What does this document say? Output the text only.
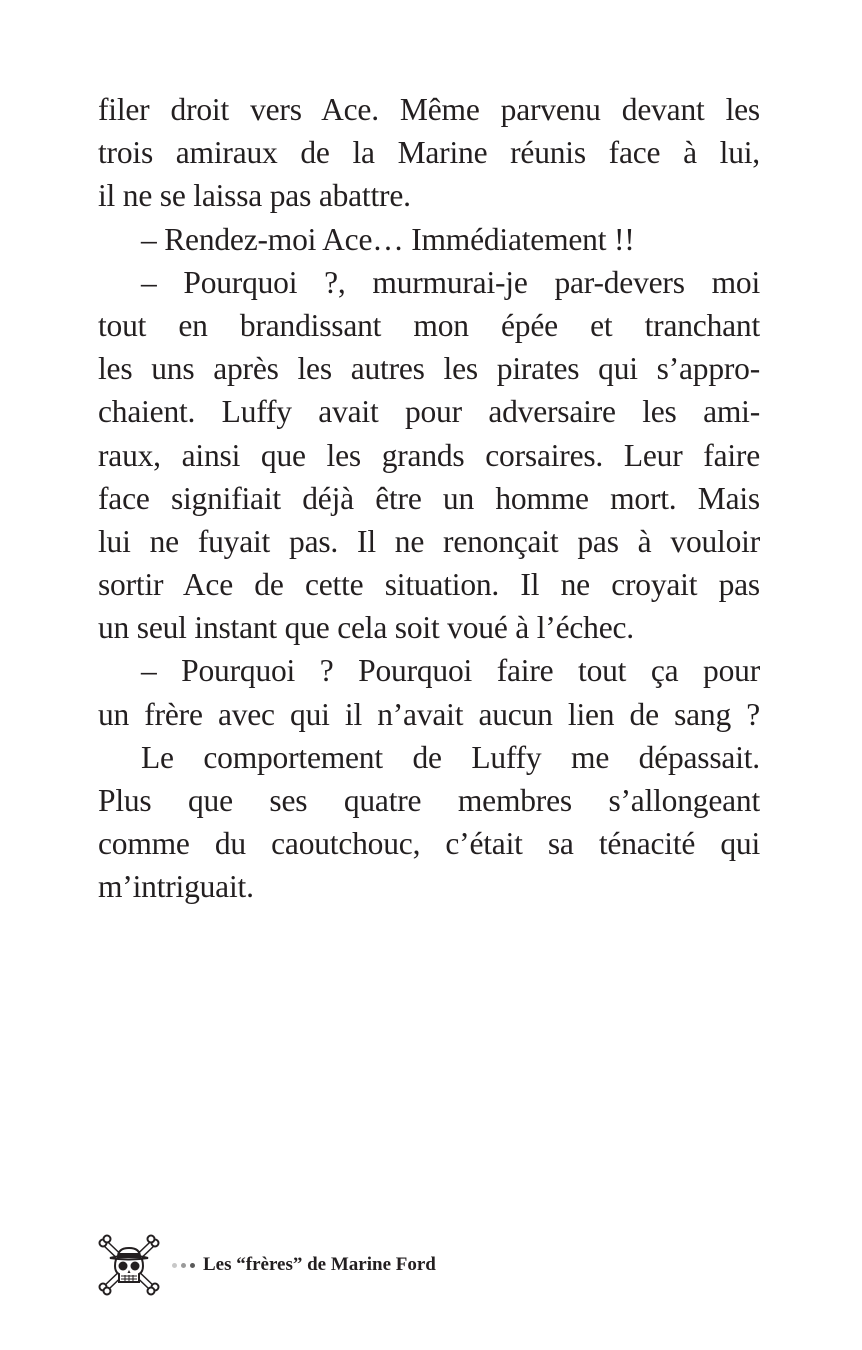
filer droit vers Ace. Même parvenu devant les
trois amiraux de la Marine réunis face à lui,
il ne se laissa pas abattre.
– Rendez-moi Ace… Immédiatement !!
– Pourquoi ?, murmurai-je par-devers moi
tout en brandissant mon épée et tranchant
les uns après les autres les pirates qui s’appro-
chaient. Luffy avait pour adversaire les ami-
raux, ainsi que les grands corsaires. Leur faire
face signifiait déjà être un homme mort. Mais
lui ne fuyait pas. Il ne renonçait pas à vouloir
sortir Ace de cette situation. Il ne croyait pas
un seul instant que cela soit voué à l’échec.
– Pourquoi ? Pourquoi faire tout ça pour
un frère avec qui il n’avait aucun lien de sang ?
Le comportement de Luffy me dépassait.
Plus que ses quatre membres s’allongeant
comme du caoutchouc, c’était sa ténacité qui
m’intriguait.
Les “frères” de Marine Ford
